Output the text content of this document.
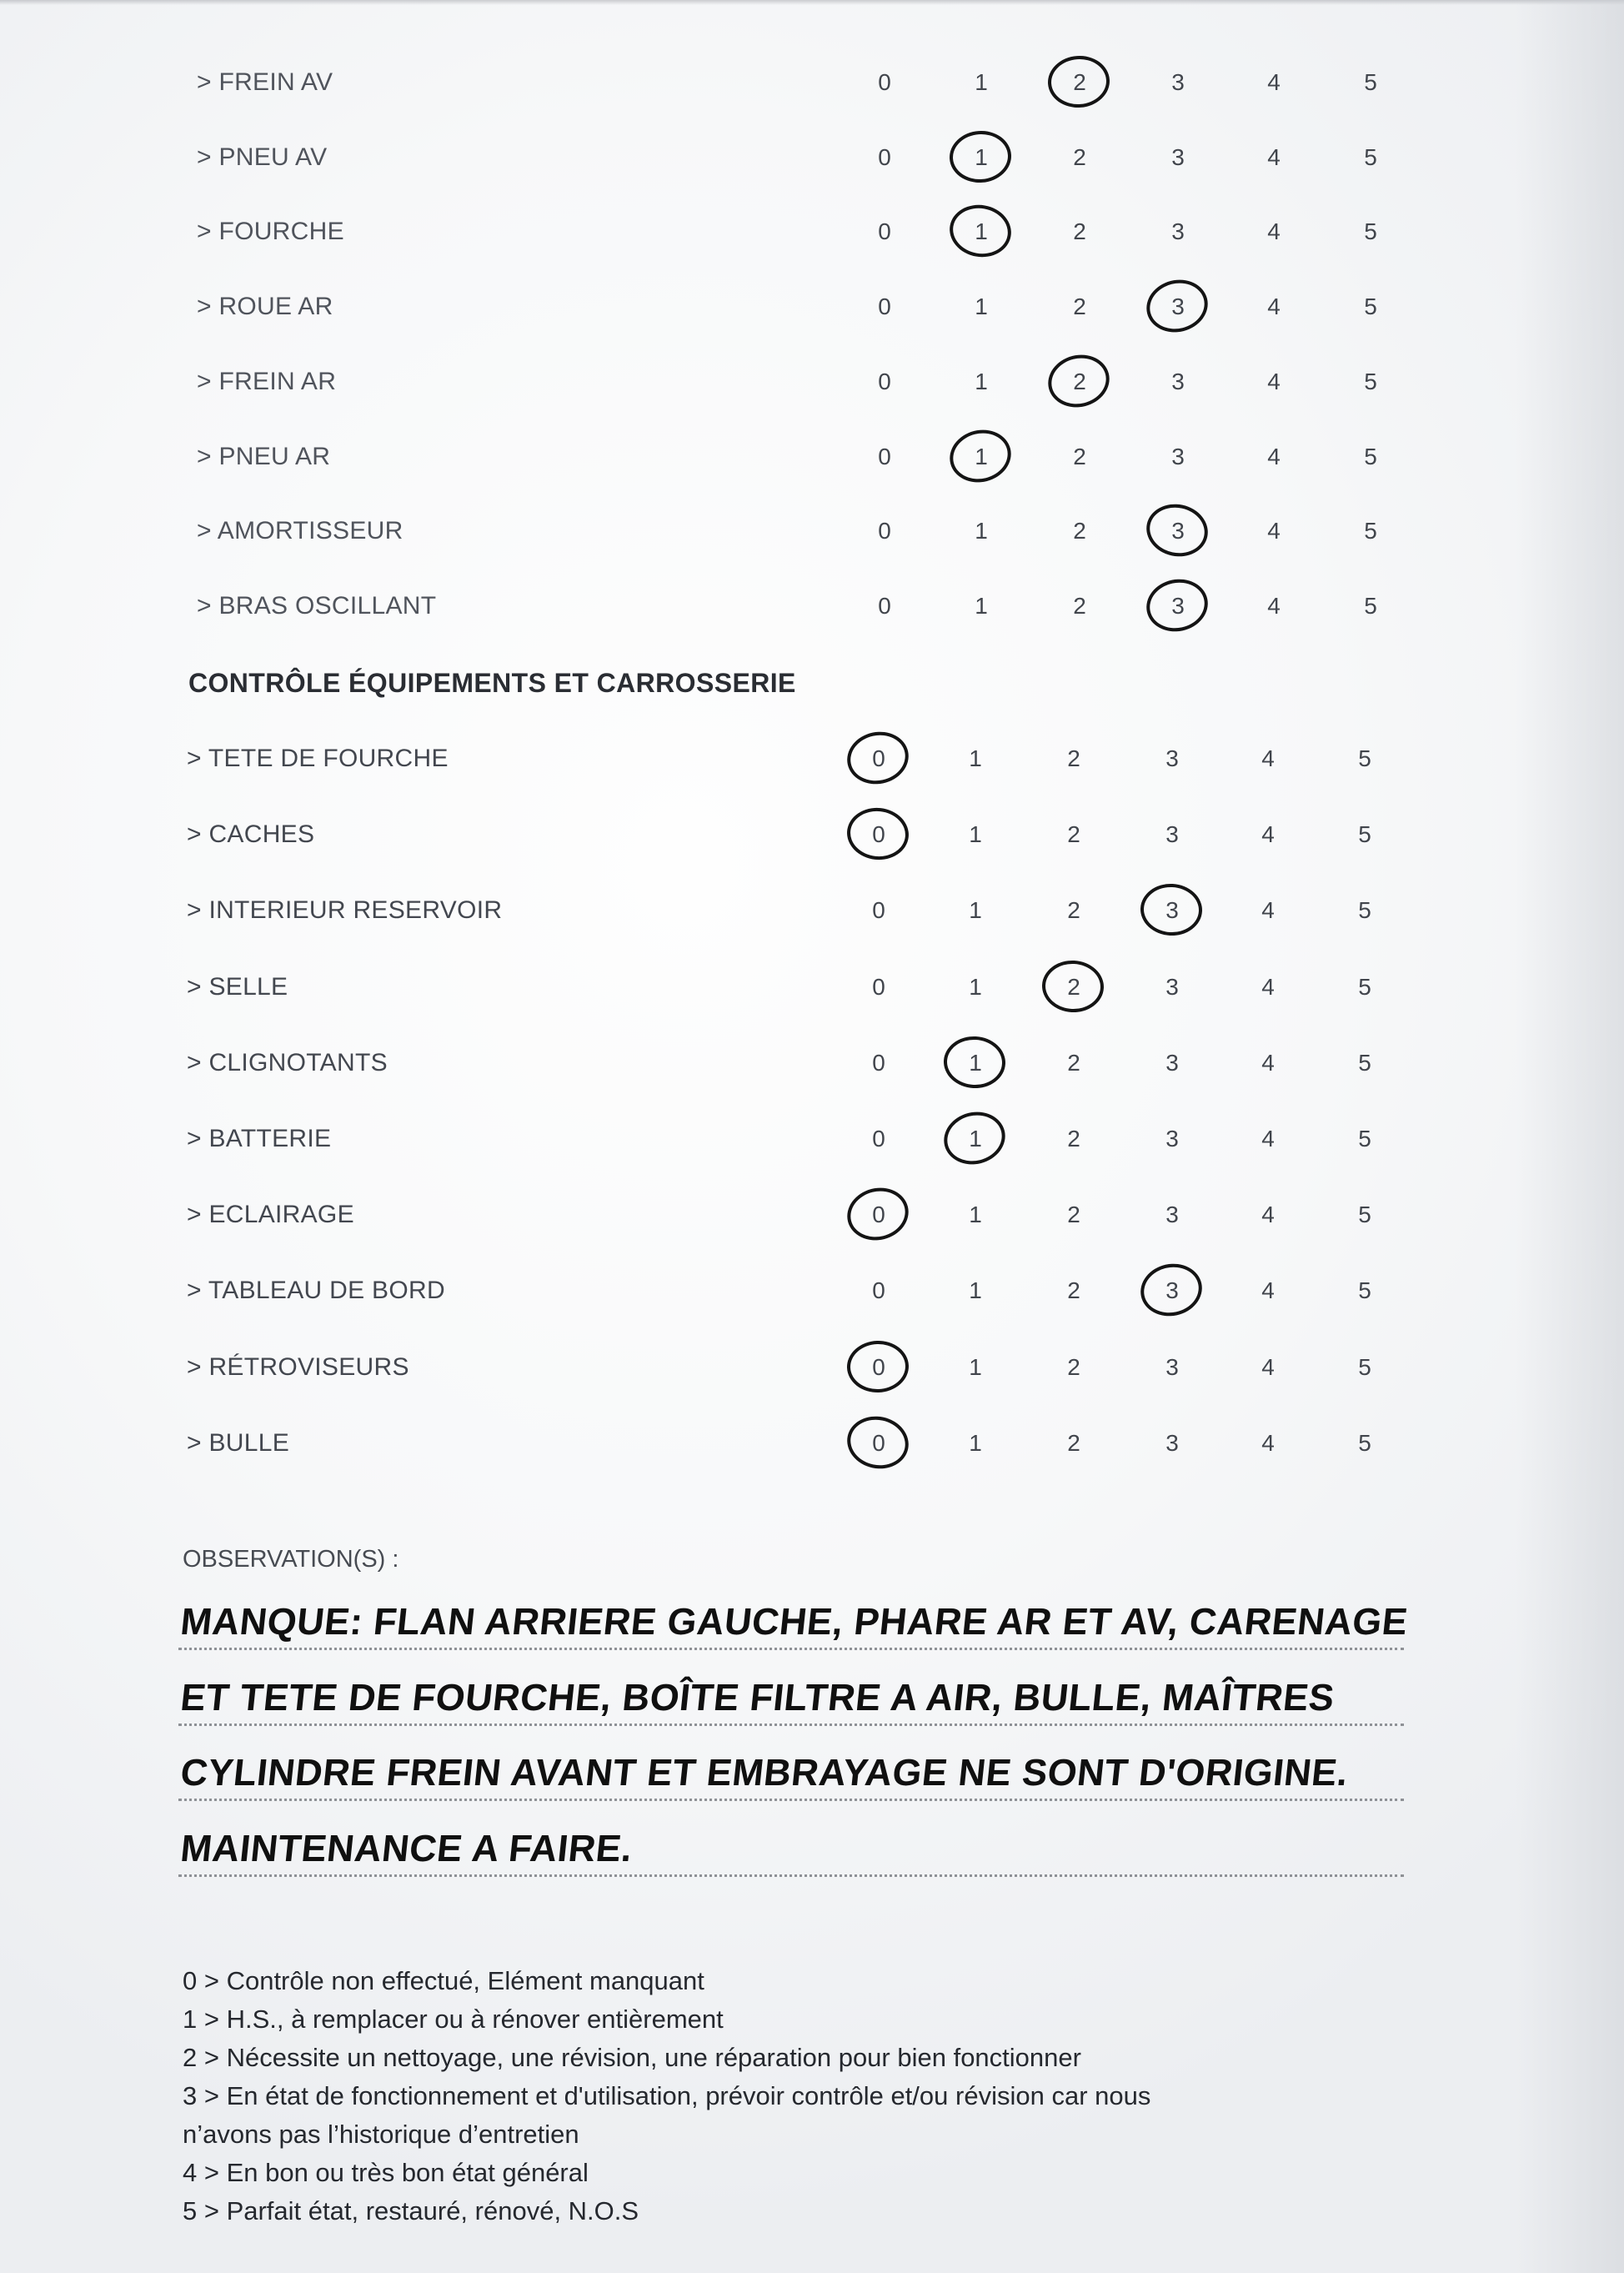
> FREIN AV	0	1	2	3	4	5
> PNEU AV	0	1	2	3	4	5
> FOURCHE	0	1	2	3	4	5
> ROUE AR	0	1	2	3	4	5
> FREIN AR	0	1	2	3	4	5
> PNEU AR	0	1	2	3	4	5
> AMORTISSEUR	0	1	2	3	4	5
> BRAS OSCILLANT	0	1	2	3	4	5
CONTRÔLE ÉQUIPEMENTS ET CARROSSERIE
> TETE DE FOURCHE	0	1	2	3	4	5
> CACHES	0	1	2	3	4	5
> INTERIEUR RESERVOIR	0	1	2	3	4	5
> SELLE	0	1	2	3	4	5
> CLIGNOTANTS	0	1	2	3	4	5
> BATTERIE	0	1	2	3	4	5
> ECLAIRAGE	0	1	2	3	4	5
> TABLEAU DE BORD	0	1	2	3	4	5
> RÉTROVISEURS	0	1	2	3	4	5
> BULLE	0	1	2	3	4	5
OBSERVATION(S) :
MANQUE: FLAN ARRIERE GAUCHE, PHARE AR ET AV, CARENAGE
ET TETE DE FOURCHE, BOÎTE FILTRE A AIR, BULLE, MAÎTRES
CYLINDRE FREIN AVANT ET EMBRAYAGE NE SONT D'ORIGINE.
MAINTENANCE A FAIRE.
0 > Contrôle non effectué, Elément manquant
1 > H.S., à remplacer ou à rénover entièrement
2 > Nécessite un nettoyage, une révision, une réparation pour bien fonctionner
3 > En état de fonctionnement et d'utilisation, prévoir contrôle et/ou révision car nous
n’avons pas l’historique d’entretien
4 > En bon ou très bon état général
5 > Parfait état, restauré, rénové, N.O.S
